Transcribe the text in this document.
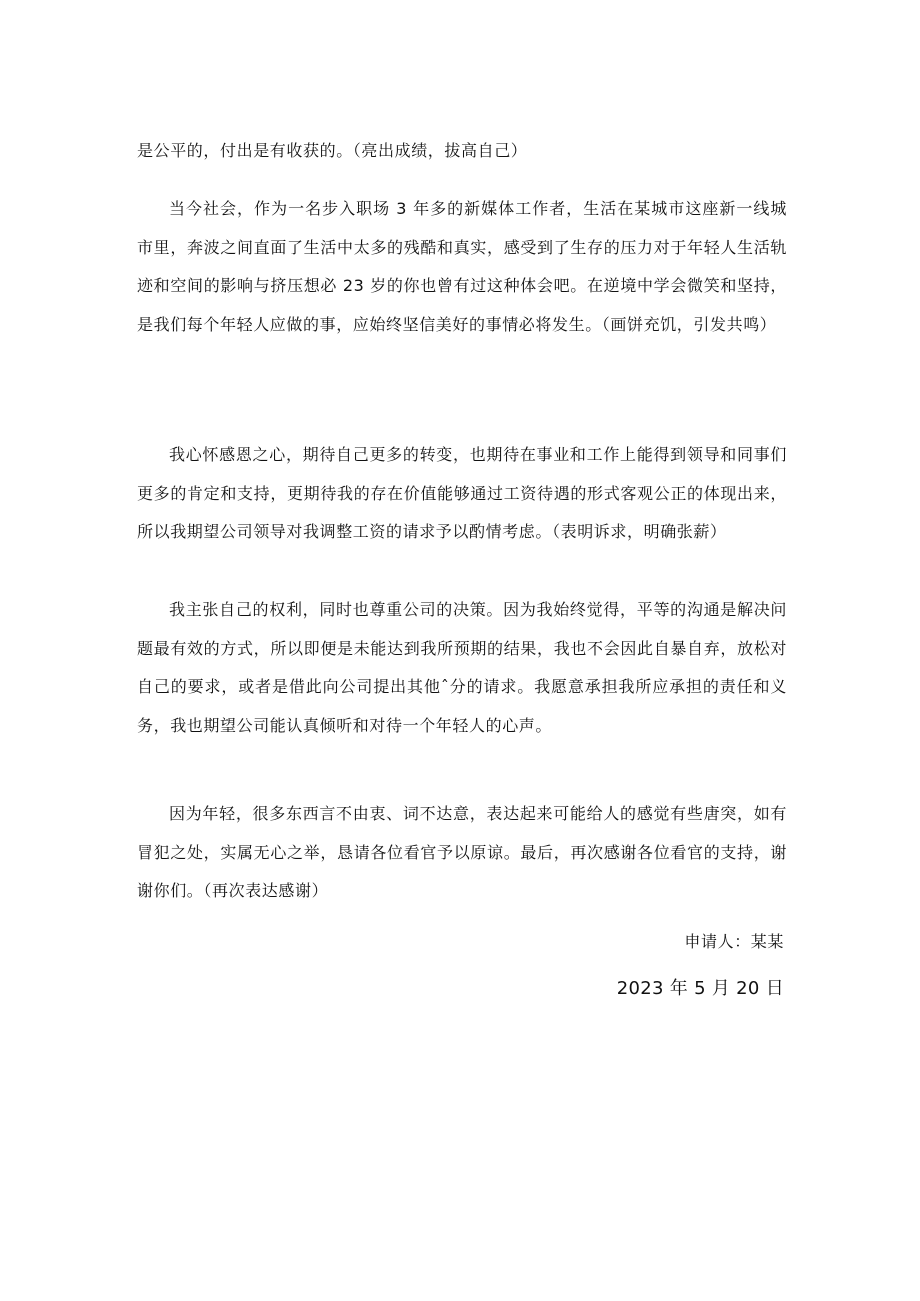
是公平的，付出是有收获的。（亮出成绩，拔高自己）

当今社会，作为一名步入职场 3 年多的新媒体工作者，生活在某城市这座新一线城市里，奔波之间直面了生活中太多的残酷和真实，感受到了生存的压力对于年轻人生活轨迹和空间的影响与挤压想必 23 岁的你也曾有过这种体会吧。在逆境中学会微笑和坚持，是我们每个年轻人应做的事，应始终坚信美好的事情必将发生。（画饼充饥，引发共鸣）

我心怀感恩之心，期待自己更多的转变，也期待在事业和工作上能得到领导和同事们更多的肯定和支持，更期待我的存在价值能够通过工资待遇的形式客观公正的体现出来，所以我期望公司领导对我调整工资的请求予以酌情考虑。（表明诉求，明确张薪）

我主张自己的权利，同时也尊重公司的决策。因为我始终觉得，平等的沟通是解决问题最有效的方式，所以即便是未能达到我所预期的结果，我也不会因此自暴自弃，放松对自己的要求，或者是借此向公司提出其他ˆ分的请求。我愿意承担我所应承担的责任和义务，我也期望公司能认真倾听和对待一个年轻人的心声。

因为年轻，很多东西言不由衷、词不达意，表达起来可能给人的感觉有些唐突，如有冒犯之处，实属无心之举，恳请各位看官予以原谅。最后，再次感谢各位看官的支持，谢谢你们。（再次表达感谢）

申请人：某某
2023 年 5 月 20 日
